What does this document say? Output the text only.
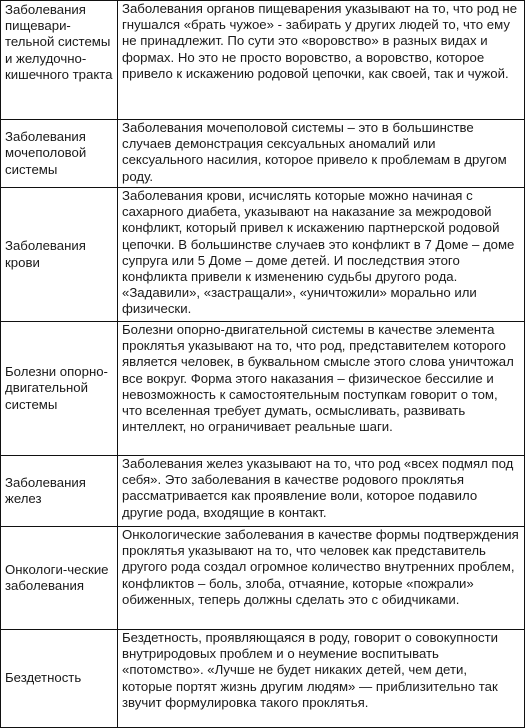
Заболевания пищевари-тельной системы и желудочно-кишечного тракта	Заболевания органов пищеварения указывают на то, что род не гнушался «брать чужое» - забирать у других людей то, что ему не принадлежит. По сути это «воровство» в разных видах и формах. Но это не просто воровство, а воровство, которое привело к искажению родовой цепочки, как своей, так и чужой.
Заболевания мочеполовой системы	Заболевания мочеполовой системы – это в большинстве случаев демонстрация сексуальных аномалий или сексуального насилия, которое привело к проблемам в другом роду.
Заболевания крови	Заболевания крови, исчислять которые можно начиная с сахарного диабета, указывают на наказание за межродовой конфликт, который привел к искажению партнерской родовой цепочки. В большинстве случаев это конфликт в 7 Доме – доме супруга или 5 Доме – доме детей. И последствия этого конфликта привели к изменению судьбы другого рода. «Задавили», «застращали», «уничтожили» морально или физически.
Болезни опорно-двигательной системы	Болезни опорно-двигательной системы в качестве элемента проклятья указывают на то, что род, представителем которого является человек, в буквальном смысле этого слова уничтожал все вокруг. Форма этого наказания – физическое бессилие и невозможность к самостоятельным поступкам говорит о том, что вселенная требует думать, осмысливать, развивать интеллект, но ограничивает реальные шаги.
Заболевания желез	Заболевания желез указывают на то, что род «всех подмял под себя». Это заболевания в качестве родового проклятья рассматривается как проявление воли, которое подавило другие рода, входящие в контакт.
Онкологи-ческие заболевания	Онкологические заболевания в качестве формы подтверждения проклятья указывают на то, что человек как представитель другого рода создал огромное количество внутренних проблем, конфликтов – боль, злоба, отчаяние, которые «пожрали» обиженных, теперь должны сделать это с обидчиками.
Бездетность	Бездетность, проявляющаяся в роду, говорит о совокупности внутриродовых проблем и о неумение воспитывать «потомство». «Лучше не будет никаких детей, чем дети, которые портят жизнь другим людям» — приблизительно так звучит формулировка такого проклятья.
